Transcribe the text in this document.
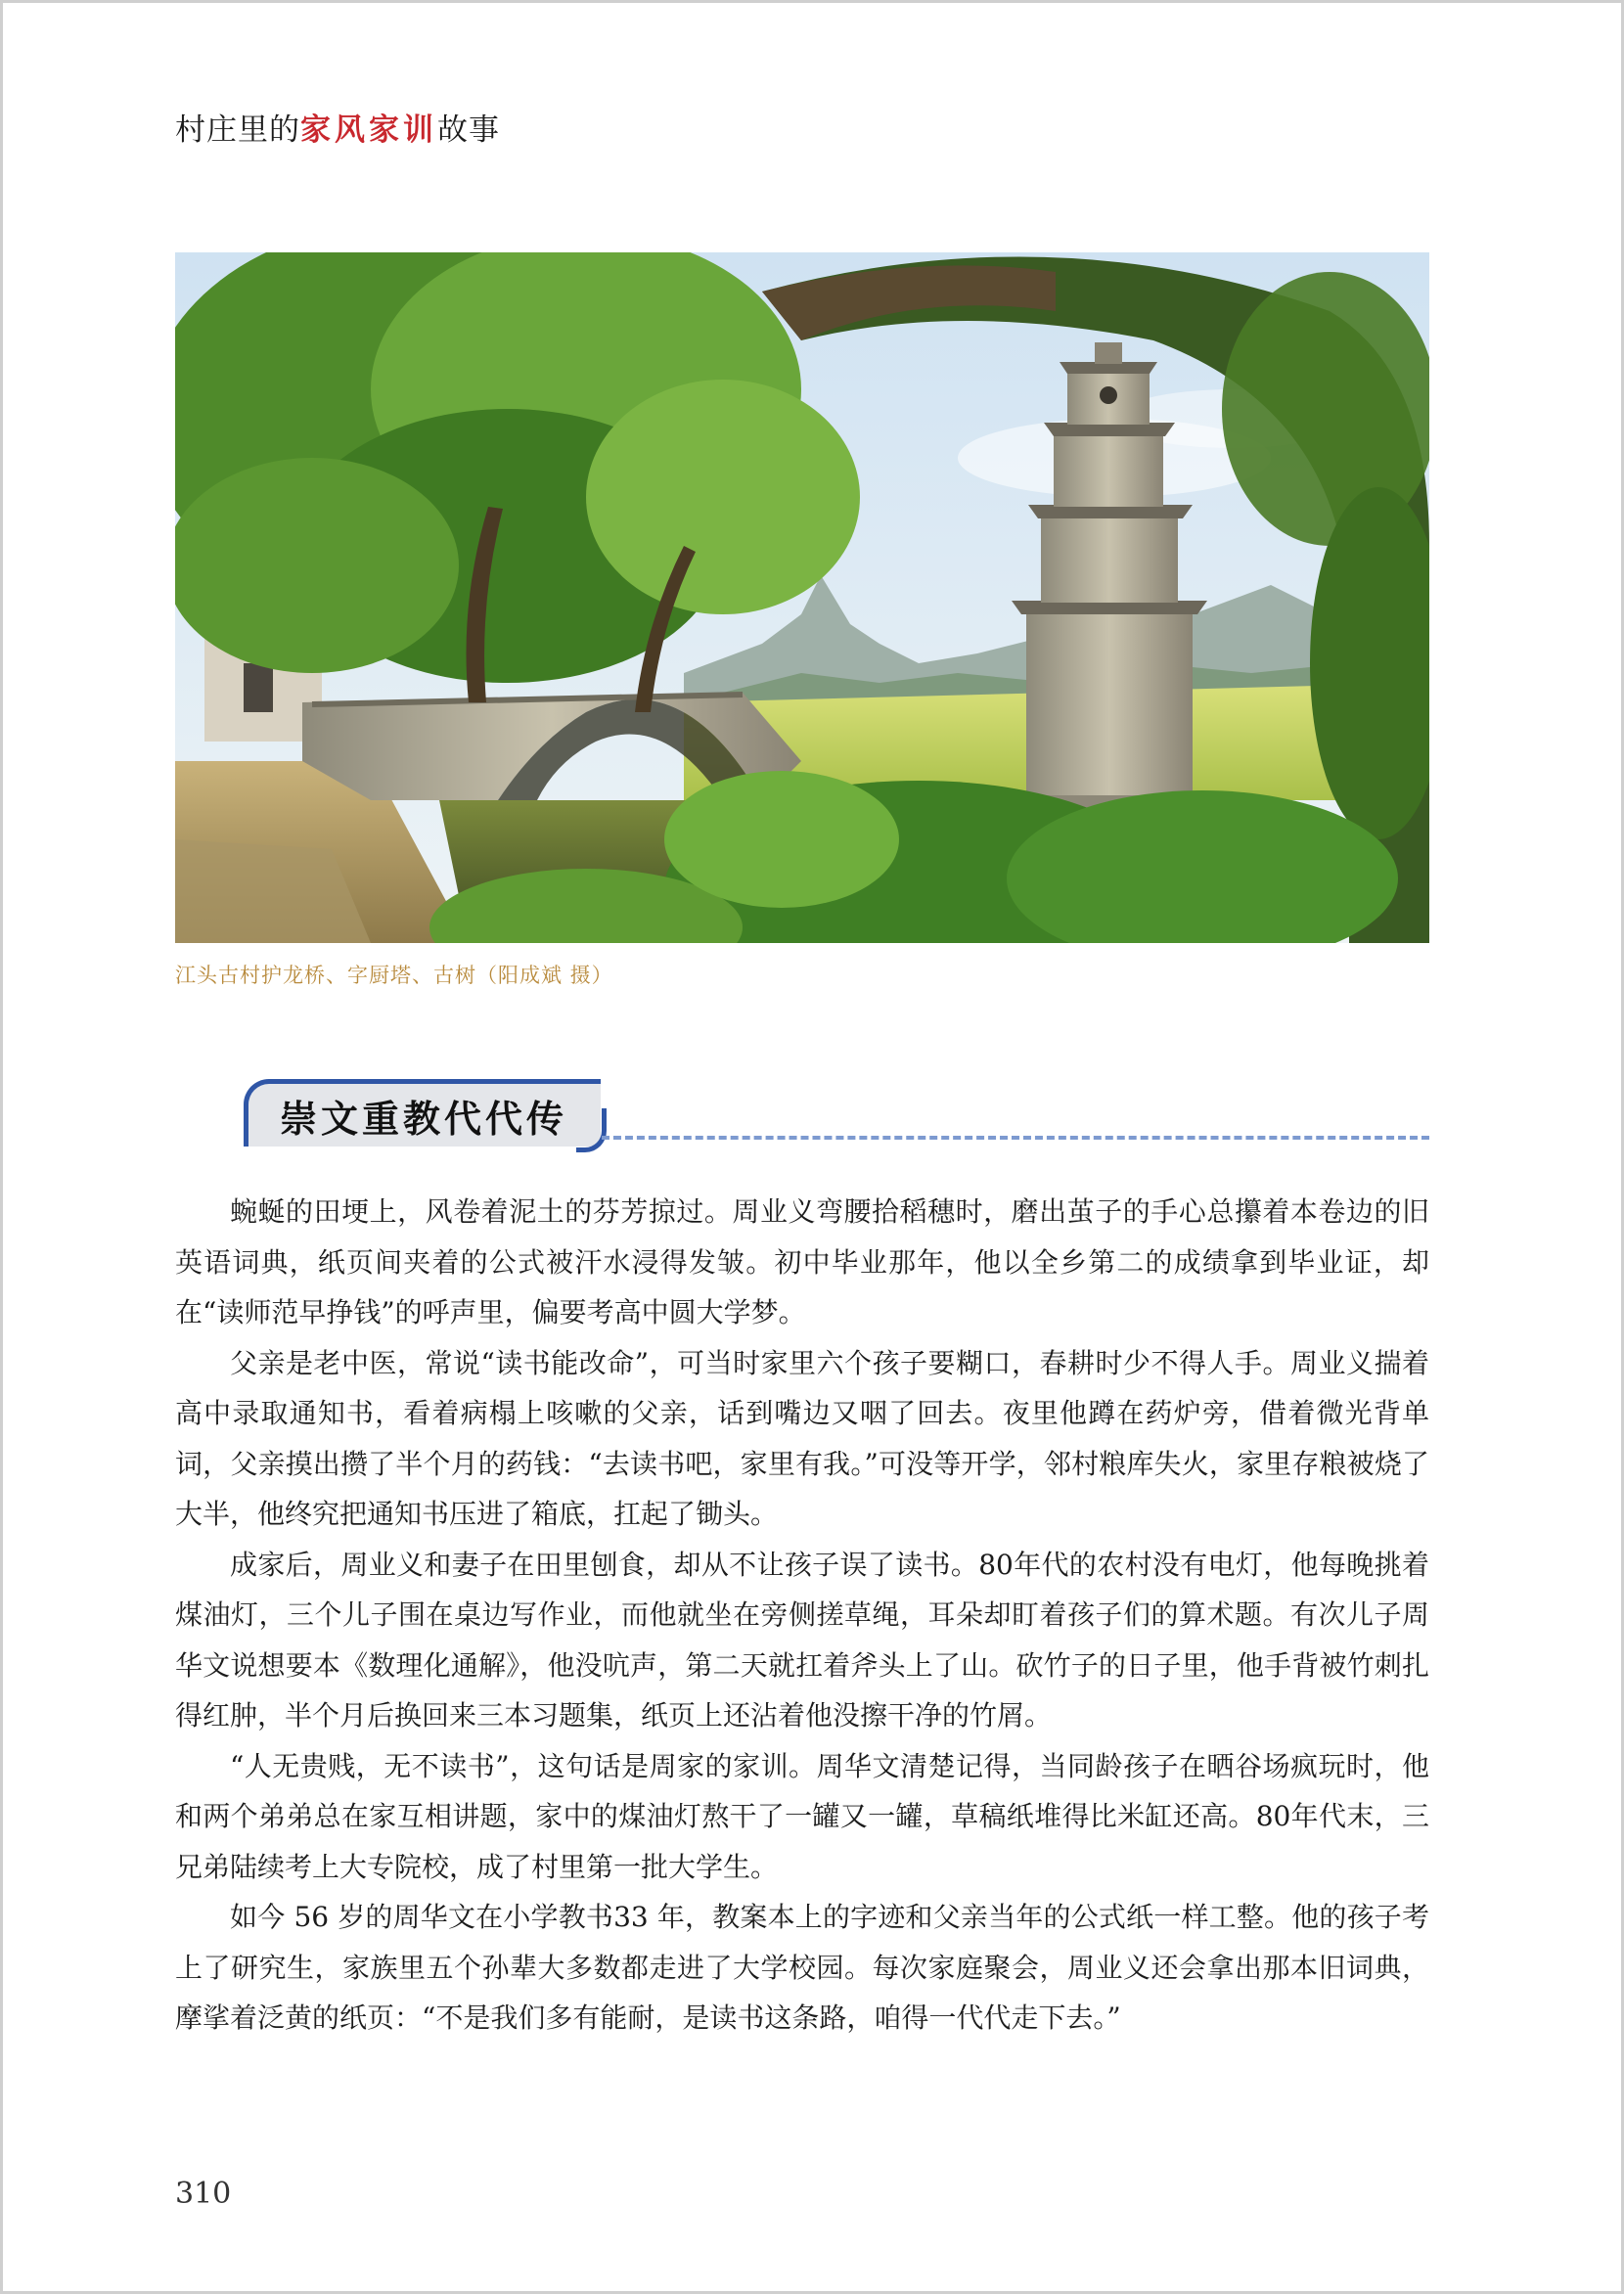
村庄里的家风家训故事
江头古村护龙桥、字厨塔、古树（阳成斌 摄）
崇文重教代代传

蜿蜒的田埂上，风卷着泥土的芬芳掠过。周业义弯腰拾稻穗时，磨出茧子的手心总攥着本卷边的旧英语词典，纸页间夹着的公式被汗水浸得发皱。初中毕业那年，他以全乡第二的成绩拿到毕业证，却在“读师范早挣钱”的呼声里，偏要考高中圆大学梦。

父亲是老中医，常说“读书能改命”，可当时家里六个孩子要糊口，春耕时少不得人手。周业义揣着高中录取通知书，看着病榻上咳嗽的父亲，话到嘴边又咽了回去。夜里他蹲在药炉旁，借着微光背单词，父亲摸出攒了半个月的药钱：“去读书吧，家里有我。”可没等开学，邻村粮库失火，家里存粮被烧了大半，他终究把通知书压进了箱底，扛起了锄头。

成家后，周业义和妻子在田里刨食，却从不让孩子误了读书。80年代的农村没有电灯，他每晚挑着煤油灯，三个儿子围在桌边写作业，而他就坐在旁侧搓草绳，耳朵却盯着孩子们的算术题。有次儿子周华文说想要本《数理化通解》，他没吭声，第二天就扛着斧头上了山。砍竹子的日子里，他手背被竹刺扎得红肿，半个月后换回来三本习题集，纸页上还沾着他没擦干净的竹屑。

“人无贵贱，无不读书”，这句话是周家的家训。周华文清楚记得，当同龄孩子在晒谷场疯玩时，他和两个弟弟总在家互相讲题，家中的煤油灯熬干了一罐又一罐，草稿纸堆得比米缸还高。80年代末，三兄弟陆续考上大专院校，成了村里第一批大学生。

如今 56 岁的周华文在小学教书33 年，教案本上的字迹和父亲当年的公式纸一样工整。他的孩子考上了研究生，家族里五个孙辈大多数都走进了大学校园。每次家庭聚会，周业义还会拿出那本旧词典，摩挲着泛黄的纸页：“不是我们多有能耐，是读书这条路，咱得一代代走下去。”

310
